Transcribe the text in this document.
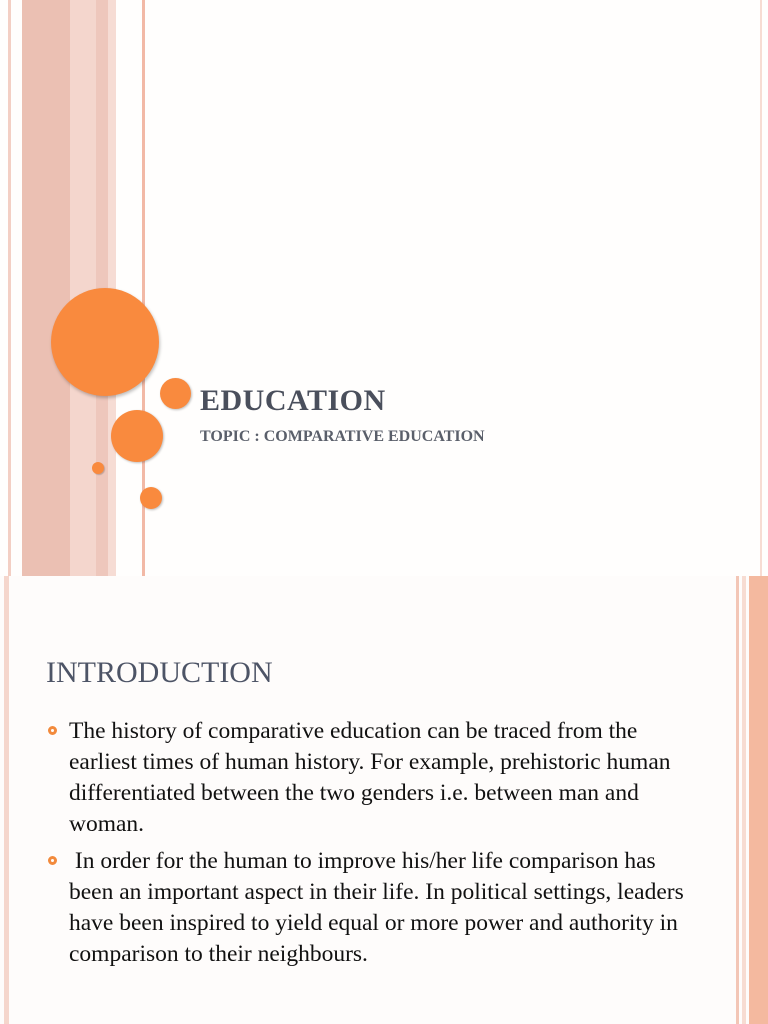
EDUCATION
TOPIC : COMPARATIVE EDUCATION
INTRODUCTION
The history of comparative education can be traced from the earliest times of human history. For example, prehistoric human differentiated between the two genders i.e. between man and woman.
In order for the human to improve his/her life comparison has been an important aspect in their life. In political settings, leaders have been inspired to yield equal or more power and authority in comparison to their neighbours.
